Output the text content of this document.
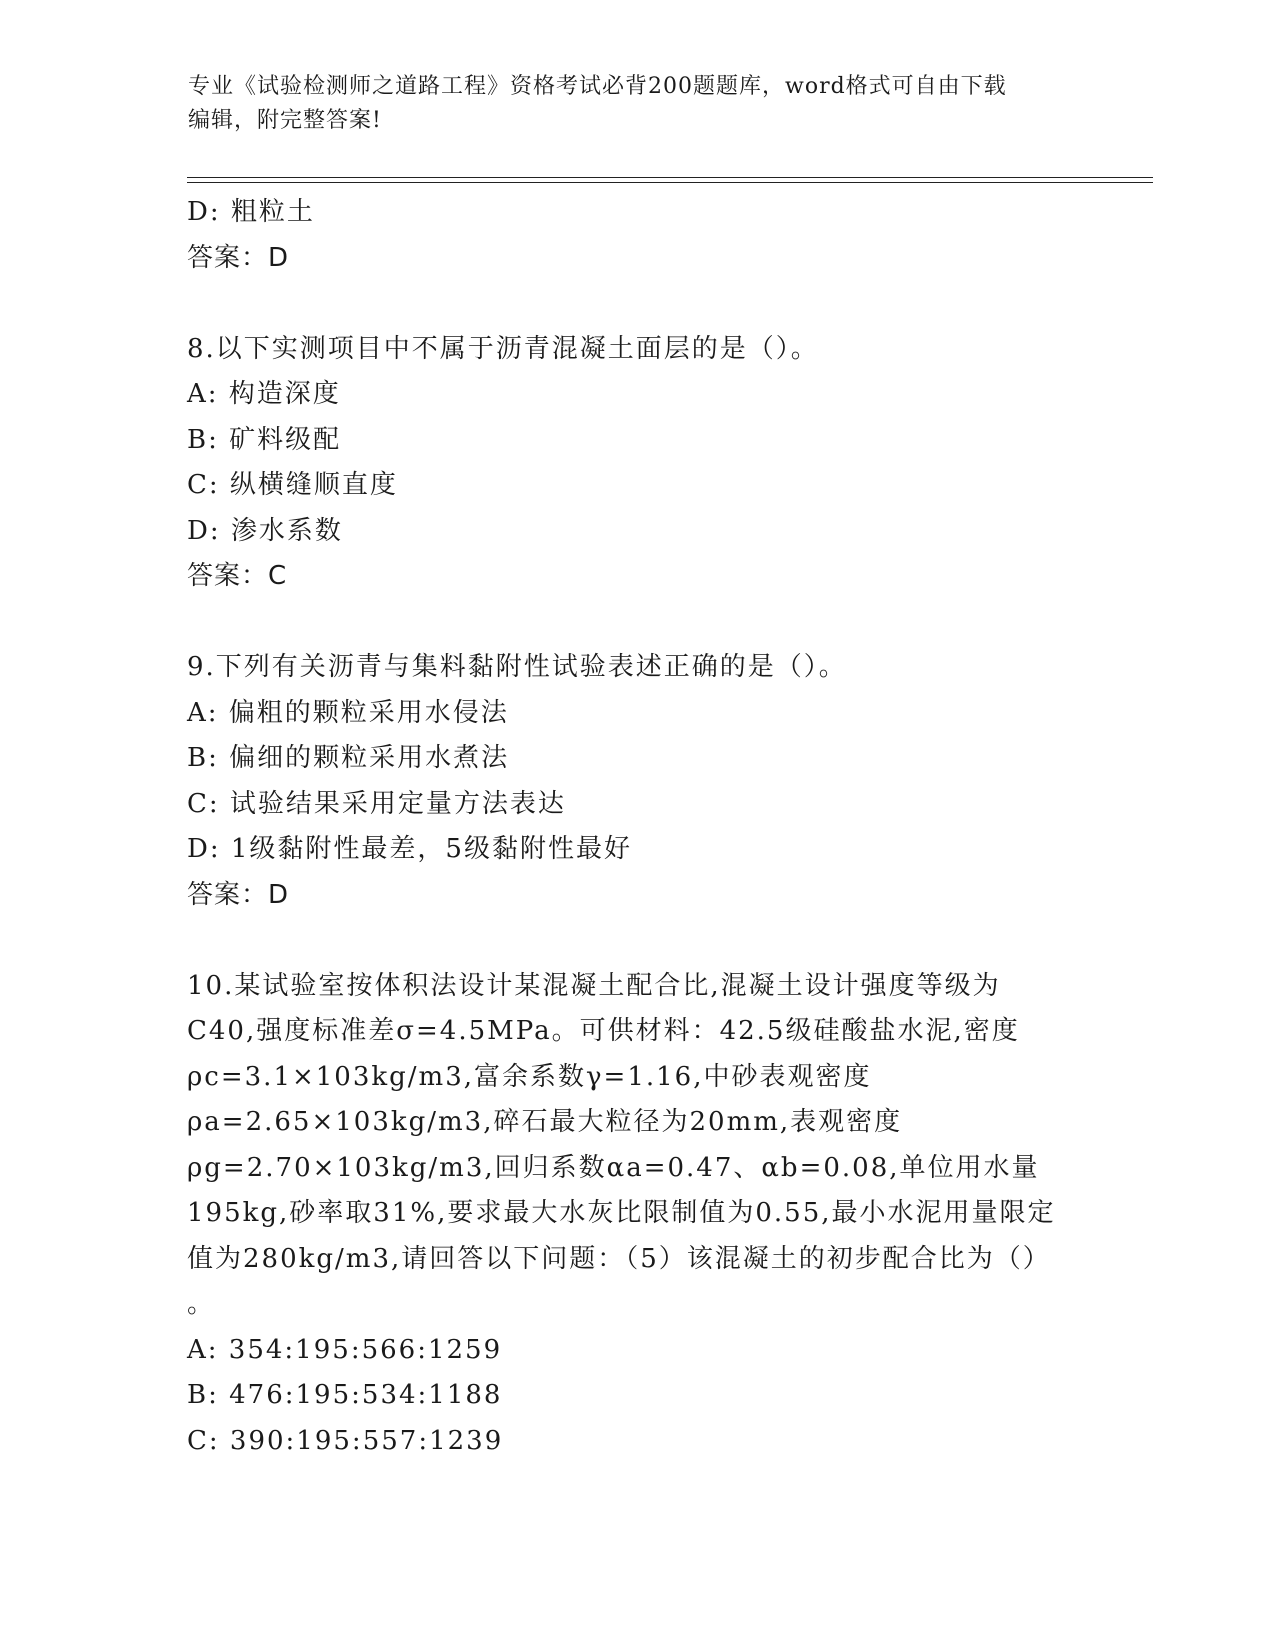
专业《试验检测师之道路工程》资格考试必背200题题库，word格式可自由下载
编辑，附完整答案!
D: 粗粒土
答案：D
8.以下实测项目中不属于沥青混凝土面层的是（）。
A: 构造深度
B: 矿料级配
C: 纵横缝顺直度
D: 渗水系数
答案：C
9.下列有关沥青与集料黏附性试验表述正确的是（）。
A: 偏粗的颗粒采用水侵法
B: 偏细的颗粒采用水煮法
C: 试验结果采用定量方法表达
D: 1级黏附性最差，5级黏附性最好
答案：D
10.某试验室按体积法设计某混凝土配合比,混凝土设计强度等级为
C40,强度标准差σ=4.5MPa。可供材料：42.5级硅酸盐水泥,密度
ρc=3.1×103kg/m3,富余系数γ=1.16,中砂表观密度
ρa=2.65×103kg/m3,碎石最大粒径为20mm,表观密度
ρg=2.70×103kg/m3,回归系数αa=0.47、αb=0.08,单位用水量
195kg,砂率取31%,要求最大水灰比限制值为0.55,最小水泥用量限定
值为280kg/m3,请回答以下问题：（5）该混凝土的初步配合比为（）
。
A: 354:195:566:1259
B: 476:195:534:1188
C: 390:195:557:1239
